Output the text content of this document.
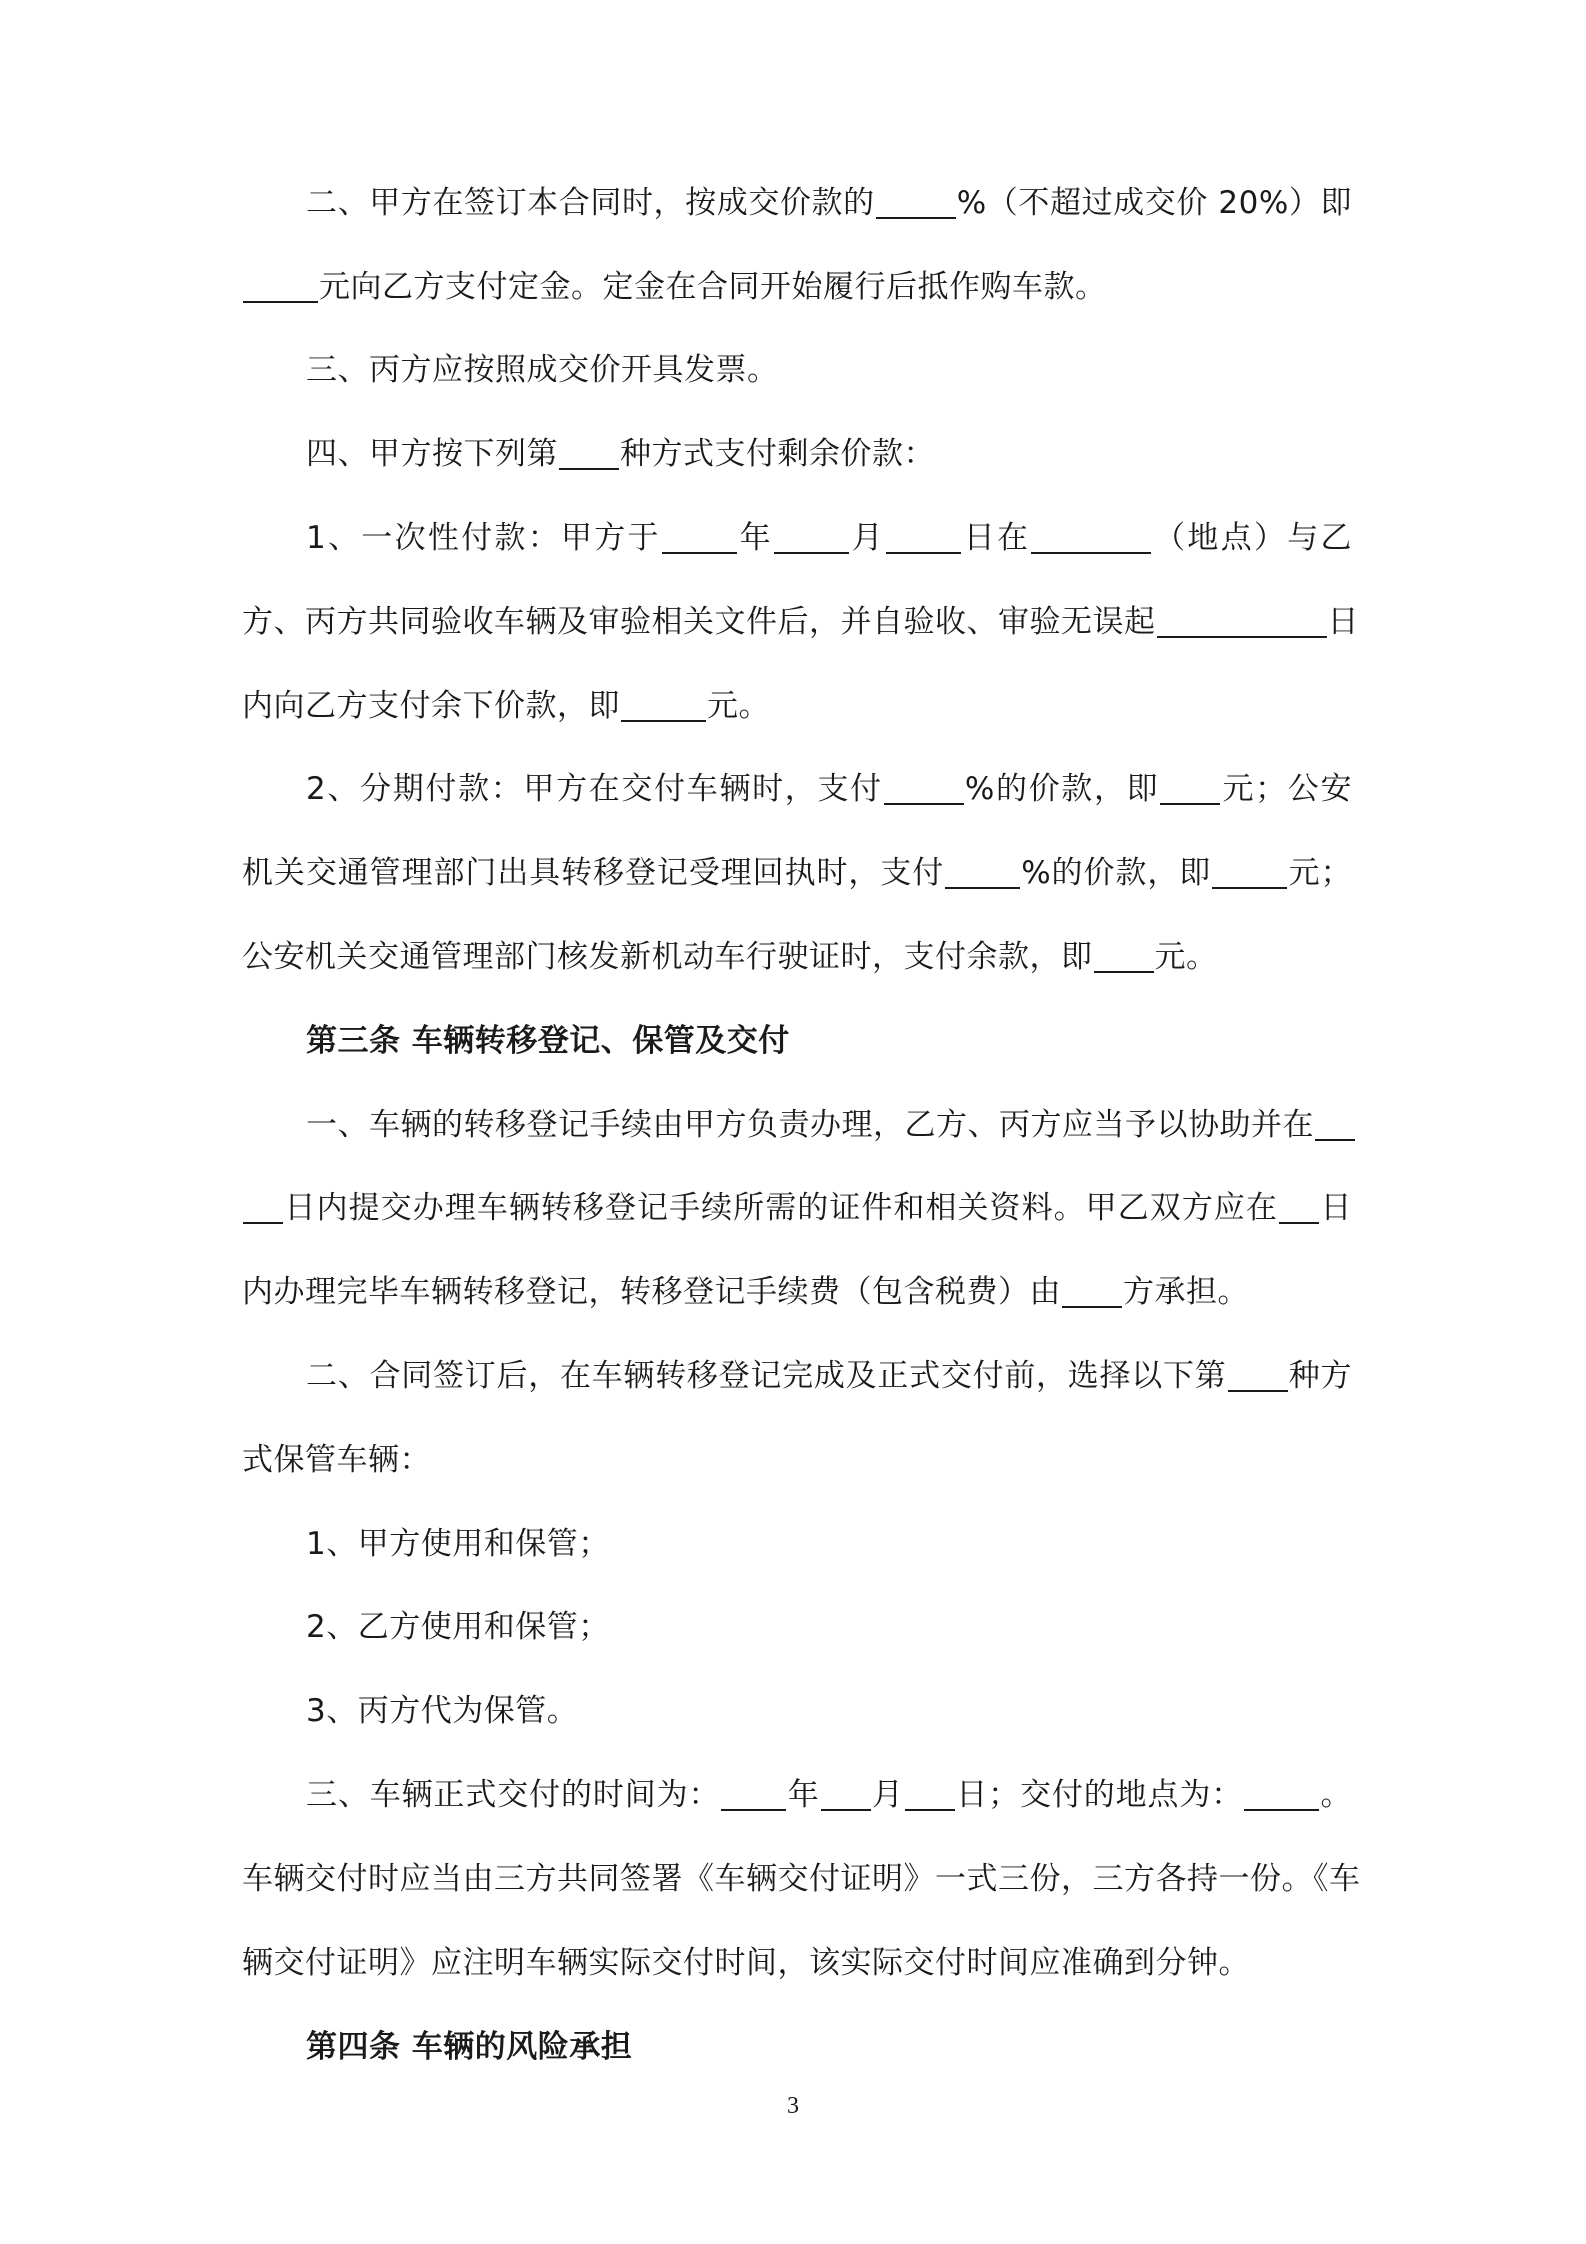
二、甲方在签订本合同时，按成交价款的	%（不超过成交价 20%）即
元向乙方支付定金。定金在合同开始履行后抵作购车款。
三、丙方应按照成交价开具发票。
四、甲方按下列第 种方式支付剩余价款：
1、一次性付款：甲方于 年 月 日在	（地点）与乙
方、丙方共同验收车辆及审验相关文件后，并自验收、审验无误起	日
内向乙方支付余下价款，即	元。
2、分期付款：甲方在交付车辆时，支付	%的价款，即 元；公安
机关交通管理部门出具转移登记受理回执时，支付 %的价款，即 元；
公安机关交通管理部门核发新机动车行驶证时，支付余款，即 元。
第三条 车辆转移登记、保管及交付
一、车辆的转移登记手续由甲方负责办理，乙方、丙方应当予以协助并在
日内提交办理车辆转移登记手续所需的证件和相关资料。甲乙双方应在 日
内办理完毕车辆转移登记，转移登记手续费（包含税费）由 方承担。
二、合同签订后，在车辆转移登记完成及正式交付前，选择以下第 种方
式保管车辆：
1、甲方使用和保管；
2、乙方使用和保管；
3、丙方代为保管。
三、车辆正式交付的时间为： 年 月 日；交付的地点为： 。
车辆交付时应当由三方共同签署《车辆交付证明》一式三份，三方各持一份。《车
辆交付证明》应注明车辆实际交付时间，该实际交付时间应准确到分钟。
第四条 车辆的风险承担
3
